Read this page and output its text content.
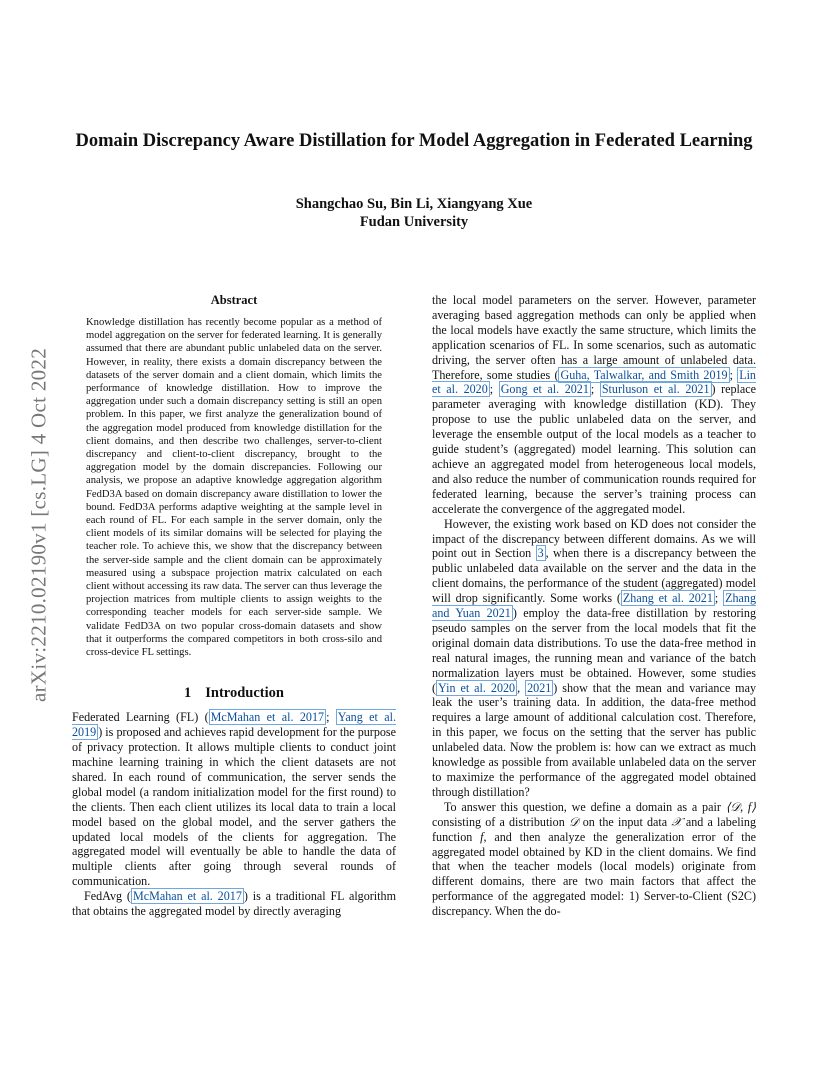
Domain Discrepancy Aware Distillation for Model Aggregation in Federated Learning
Shangchao Su, Bin Li, Xiangyang Xue
Fudan University
arXiv:2210.02190v1 [cs.LG] 4 Oct 2022
Abstract

Knowledge distillation has recently become popular as a method of model aggregation on the server for federated learning. It is generally assumed that there are abundant public unlabeled data on the server. However, in reality, there exists a domain discrepancy between the datasets of the server domain and a client domain, which limits the performance of knowledge distillation. How to improve the aggregation under such a domain discrepancy setting is still an open problem. In this paper, we first analyze the generalization bound of the aggregation model produced from knowledge distillation for the client domains, and then describe two challenges, server-to-client discrepancy and client-to-client discrepancy, brought to the aggregation model by the domain discrepancies. Following our analysis, we propose an adaptive knowledge aggregation algorithm FedD3A based on domain discrepancy aware distillation to lower the bound. FedD3A performs adaptive weighting at the sample level in each round of FL. For each sample in the server domain, only the client models of its similar domains will be selected for playing the teacher role. To achieve this, we show that the discrepancy between the server-side sample and the client domain can be approximately measured using a subspace projection matrix calculated on each client without accessing its raw data. The server can thus leverage the projection matrices from multiple clients to assign weights to the corresponding teacher models for each server-side sample. We validate FedD3A on two popular cross-domain datasets and show that it outperforms the compared competitors in both cross-silo and cross-device FL settings.

1 Introduction

Federated Learning (FL) ( McMahan et al. 2017 ; Yang et al. 2019 ) is proposed and achieves rapid development for the purpose of privacy protection. It allows multiple clients to conduct joint machine learning training in which the client datasets are not shared. In each round of communication, the server sends the global model (a random initialization model for the first round) to the clients. Then each client utilizes its local data to train a local model based on the global model, and the server gathers the updated local models of the clients for aggregation. The aggregated model will eventually be able to handle the data of multiple clients after going through several rounds of communication.

FedAvg ( McMahan et al. 2017 ) is a traditional FL algorithm that obtains the aggregated model by directly averaging

the local model parameters on the server. However, parameter averaging based aggregation methods can only be applied when the local models have exactly the same structure, which limits the application scenarios of FL. In some scenarios, such as automatic driving, the server often has a large amount of unlabeled data. Therefore, some studies ( Guha, Talwalkar, and Smith 2019 ; Lin et al. 2020 ; Gong et al. 2021 ; Sturluson et al. 2021 ) replace parameter averaging with knowledge distillation (KD). They propose to use the public unlabeled data on the server, and leverage the ensemble output of the local models as a teacher to guide student’s (aggregated) model learning. This solution can achieve an aggregated model from heterogeneous local models, and also reduce the number of communication rounds required for federated learning, because the server’s training process can accelerate the convergence of the aggregated model.

However, the existing work based on KD does not consider the impact of the discrepancy between different domains. As we will point out in Section 3 , when there is a discrepancy between the public unlabeled data available on the server and the data in the client domains, the performance of the student (aggregated) model will drop significantly. Some works ( Zhang et al. 2021 ; Zhang and Yuan 2021 ) employ the data-free distillation by restoring pseudo samples on the server from the local models that fit the original domain data distributions. To use the data-free method in real natural images, the running mean and variance of the batch normalization layers must be obtained. However, some studies ( Yin et al. 2020 , 2021 ) show that the mean and variance may leak the user’s training data. In addition, the data-free method requires a large amount of additional calculation cost. Therefore, in this paper, we focus on the setting that the server has public unlabeled data. Now the problem is: how can we extract as much knowledge as possible from available unlabeled data on the server to maximize the performance of the aggregated model obtained through distillation?

To answer this question, we define a domain as a pair ⟨𝒟, f⟩ consisting of a distribution 𝒟 on the input data 𝒳 and a labeling function f, and then analyze the generalization error of the aggregated model obtained by KD in the client domains. We find that when the teacher models (local models) originate from different domains, there are two main factors that affect the performance of the aggregated model: 1) Server-to-Client (S2C) discrepancy. When the do-
